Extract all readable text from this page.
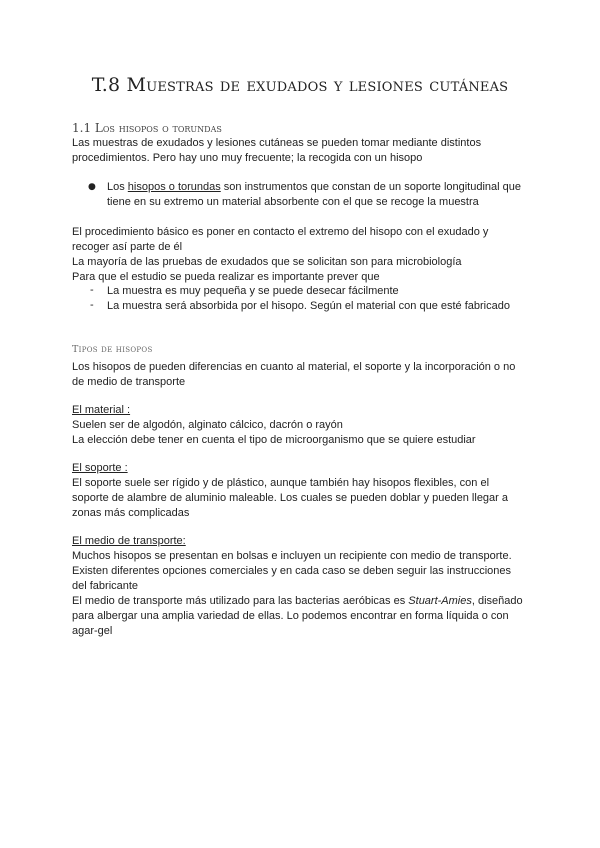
T.8 Muestras de exudados y lesiones cutáneas
1.1 Los hisopos o torundas
Las muestras de exudados y lesiones cutáneas se pueden tomar mediante distintos
procedimientos. Pero hay uno muy frecuente; la recogida con un hisopo
● Los hisopos o torundas son instrumentos que constan de un soporte longitudinal que
tiene en su extremo un material absorbente con el que se recoge la muestra
El procedimiento básico es poner en contacto el extremo del hisopo con el exudado y
recoger así parte de él
La mayoría de las pruebas de exudados que se solicitan son para microbiología
Para que el estudio se pueda realizar es importante prever que
- La muestra es muy pequeña y se puede desecar fácilmente
- La muestra será absorbida por el hisopo. Según el material con que esté fabricado
Tipos de hisopos
Los hisopos de pueden diferencias en cuanto al material, el soporte y la incorporación o no
de medio de transporte
El material :
Suelen ser de algodón, alginato cálcico, dacrón o rayón
La elección debe tener en cuenta el tipo de microorganismo que se quiere estudiar
El soporte :
El soporte suele ser rígido y de plástico, aunque también hay hisopos flexibles, con el
soporte de alambre de aluminio maleable. Los cuales se pueden doblar y pueden llegar a
zonas más complicadas
El medio de transporte:
Muchos hisopos se presentan en bolsas e incluyen un recipiente con medio de transporte.
Existen diferentes opciones comerciales y en cada caso se deben seguir las instrucciones
del fabricante
El medio de transporte más utilizado para las bacterias aeróbicas es Stuart-Amies, diseñado
para albergar una amplia variedad de ellas. Lo podemos encontrar en forma líquida o con
agar-gel
